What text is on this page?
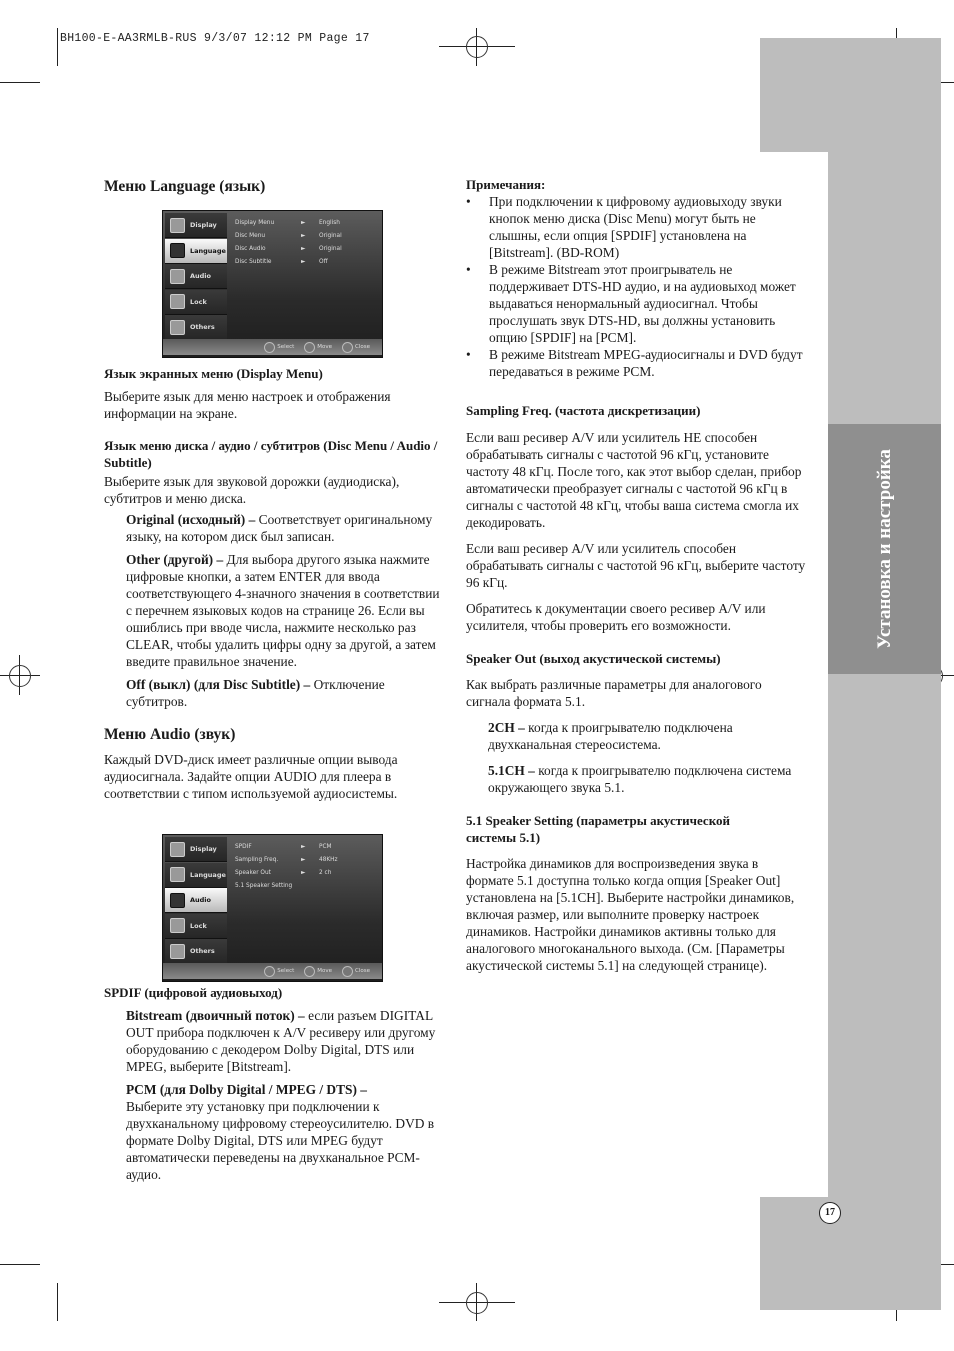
BH100-E-AA3RMLB-RUS 9/3/07 12:12 PM Page 17
Установка и настройка
17
Меню Language (язык)
Display
Language
Audio
Lock
Others
Display Menu	►	English
Disc Menu	►	Original
Disc Audio	►	Original
Disc Subtitle	►	Off
Select	Move	Close

Язык экранных меню (Display Menu)

Выберите язык для меню настроек и отображения информации на экране.

Язык меню диска / аудио / субтитров (Disc Menu / Audio / Subtitle)

Выберите язык для звуковой дорожки (аудиодиска), субтитров и меню диска.

Original (исходный) – Соответствует оригинальному языку, на котором диск был записан.

Other (другой) – Для выбора другого языка нажмите цифровые кнопки, а затем ENTER для ввода соответствующего 4-значного значения в соответствии с перечнем языковых кодов на странице 26. Если вы ошиблись при вводе числа, нажмите несколько раз CLEAR, чтобы удалить цифры одну за другой, а затем введите правильное значение.

Off (выкл) (для Disc Subtitle) – Отключение субтитров.

Меню Audio (звук)

Каждый DVD-диск имеет различные опции вывода аудиосигнала. Задайте опции AUDIO для плеера в соответствии с типом используемой аудиосистемы.

Display
Language
Audio
Lock
Others
SPDIF	►	PCM
Sampling Freq.	►	48KHz
Speaker Out	►	2 ch
5.1 Speaker Setting
Select	Move	Close

SPDIF (цифровой аудиовыход)

Bitstream (двоичный поток) – если разъем DIGITAL OUT прибора подключен к A/V ресиверу или другому оборудованию с декодером Dolby Digital, DTS или MPEG, выберите [Bitstream].

PCM (для Dolby Digital / MPEG / DTS) –
Выберите эту установку при подключении к двухканальному цифровому стереоусилителю. DVD в формате Dolby Digital, DTS или MPEG будут автоматически переведены на двухканальное PCM-аудио.

Примечания:

• При подключении к цифровому аудиовыходу звуки кнопок меню диска (Disc Menu) могут быть не слышны, если опция [SPDIF] установлена на [Bitstream]. (BD-ROM)
• В режиме Bitstream этот проигрыватель не поддерживает DTS-HD аудио, и на аудиовыход может выдаваться ненормальный аудиосигнал. Чтобы прослушать звук DTS-HD, вы должны установить опцию [SPDIF] на [PCM].
• В режиме Bitstream MPEG-аудиосигналы и DVD будут передаваться в режиме PCM.

Sampling Freq. (частота дискретизации)

Если ваш ресивер A/V или усилитель НЕ способен обрабатывать сигналы с частотой 96 кГц, установите частоту 48 кГц. После того, как этот выбор сделан, прибор автоматически преобразует сигналы с частотой 96 кГц в сигналы с частотой 48 кГц, чтобы ваша система смогла их декодировать.

Если ваш ресивер A/V или усилитель способен обрабатывать сигналы с частотой 96 кГц, выберите частоту 96 кГц.

Обратитесь к документации своего ресивер A/V или усилителя, чтобы проверить его возможности.

Speaker Out (выход акустической системы)

Как выбрать различные параметры для аналогового сигнала формата 5.1.

2CH – когда к проигрывателю подключена двухканальная стереосистема.

5.1CH – когда к проигрывателю подключена система окружающего звука 5.1.

5.1 Speaker Setting (параметры акустической системы 5.1)

Настройка динамиков для воспроизведения звука в формате 5.1 доступна только когда опция [Speaker Out] установлена на [5.1CH]. Выберите настройки динамиков, включая размер, или выполните проверку настроек динамиков. Настройки динамиков активны только для аналогового многоканального выхода. (См. [Параметры акустической системы 5.1] на следующей странице).
